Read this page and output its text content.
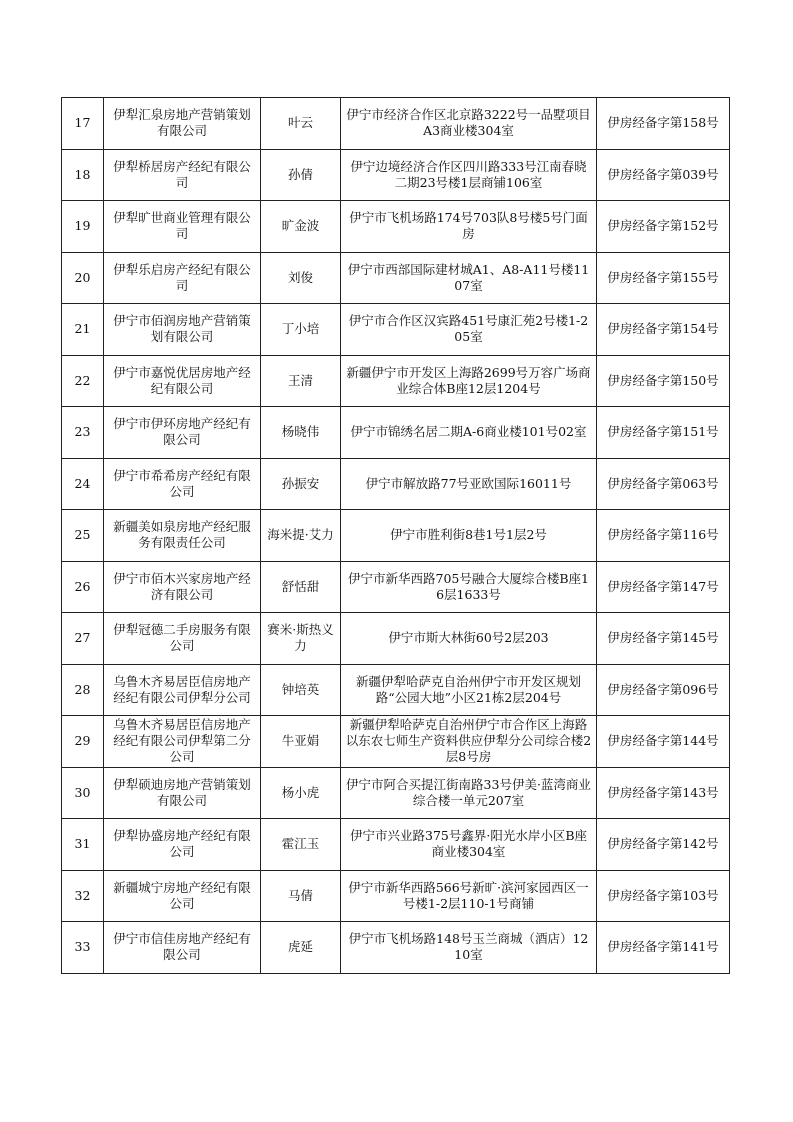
17	伊犁汇泉房地产营销策划有限公司	叶云	伊宁市经济合作区北京路3222号一品墅项目A3商业楼304室	伊房经备字第158号
18	伊犁桥居房产经纪有限公司	孙倩	伊宁边境经济合作区四川路333号江南春晓二期23号楼1层商铺106室	伊房经备字第039号
19	伊犁旷世商业管理有限公司	旷金波	伊宁市飞机场路174号703队8号楼5号门面房	伊房经备字第152号
20	伊犁乐启房产经纪有限公司	刘俊	伊宁市西部国际建材城A1、A8-A11号楼1107室	伊房经备字第155号
21	伊宁市佰润房地产营销策划有限公司	丁小培	伊宁市合作区汉宾路451号康汇苑2号楼1-205室	伊房经备字第154号
22	伊宁市嘉悦优居房地产经纪有限公司	王清	新疆伊宁市开发区上海路2699号万容广场商业综合体B座12层1204号	伊房经备字第150号
23	伊宁市伊环房地产经纪有限公司	杨晓伟	伊宁市锦绣名居二期A-6商业楼101号02室	伊房经备字第151号
24	伊宁市希希房产经纪有限公司	孙振安	伊宁市解放路77号亚欧国际16011号	伊房经备字第063号
25	新疆美如泉房地产经纪服务有限责任公司	海米提·艾力	伊宁市胜利街8巷1号1层2号	伊房经备字第116号
26	伊宁市佰木兴家房地产经济有限公司	舒恬甜	伊宁市新华西路705号融合大厦综合楼B座16层1633号	伊房经备字第147号
27	伊犁冠德二手房服务有限公司	赛米·斯热义力	伊宁市斯大林街60号2层203	伊房经备字第145号
28	乌鲁木齐易居臣信房地产经纪有限公司伊犁分公司	钟培英	新疆伊犁哈萨克自治州伊宁市开发区规划路“公园大地”小区21栋2层204号	伊房经备字第096号
29	乌鲁木齐易居臣信房地产经纪有限公司伊犁第二分公司	牛亚娟	新疆伊犁哈萨克自治州伊宁市合作区上海路以东农七师生产资料供应伊犁分公司综合楼2层8号房	伊房经备字第144号
30	伊犁硕迪房地产营销策划有限公司	杨小虎	伊宁市阿合买提江街南路33号伊美·蓝湾商业综合楼一单元207室	伊房经备字第143号
31	伊犁协盛房地产经纪有限公司	霍江玉	伊宁市兴业路375号鑫界·阳光水岸小区B座商业楼304室	伊房经备字第142号
32	新疆城宁房地产经纪有限公司	马倩	伊宁市新华西路566号新旷·滨河家园西区一号楼1-2层110-1号商铺	伊房经备字第103号
33	伊宁市信佳房地产经纪有限公司	虎延	伊宁市飞机场路148号玉兰商城（酒店）1210室	伊房经备字第141号
